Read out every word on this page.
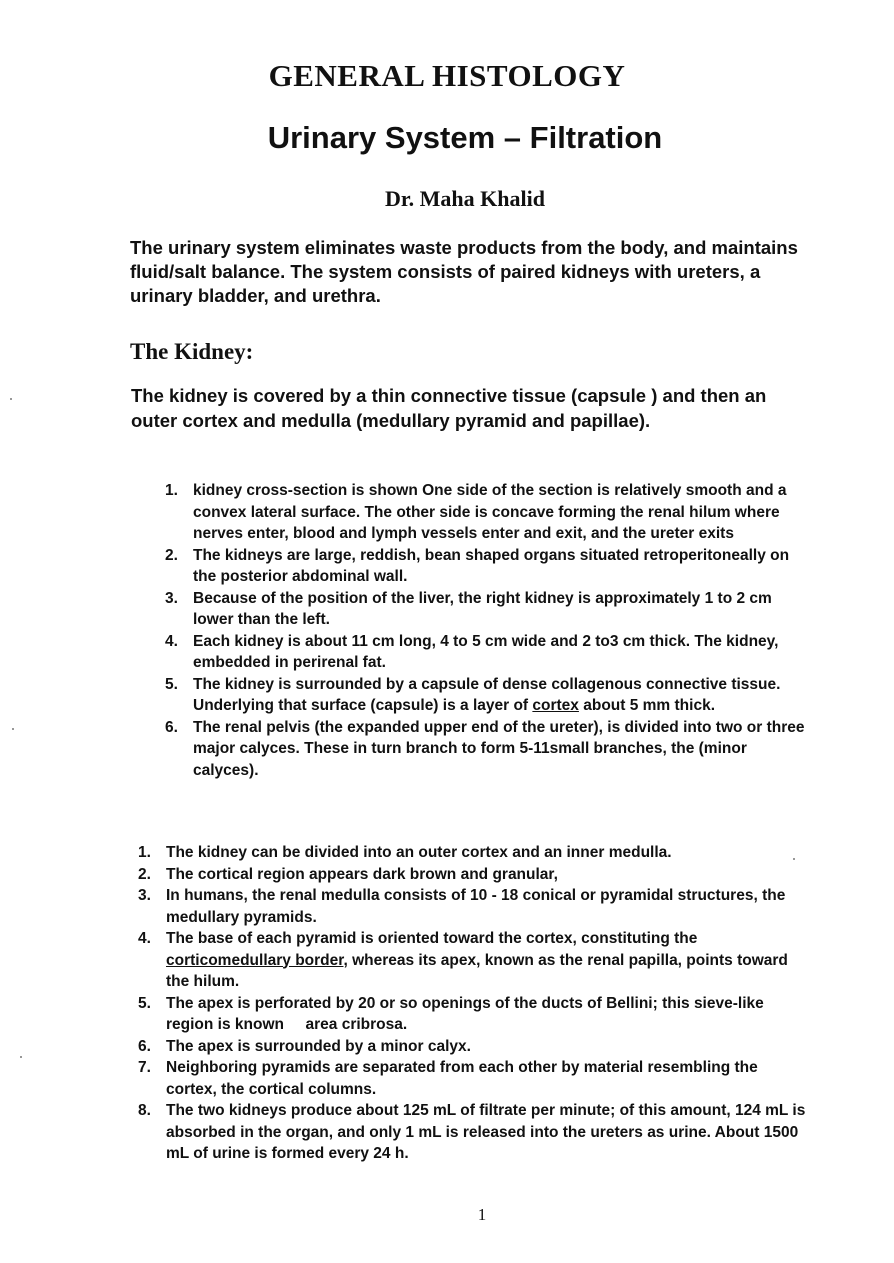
GENERAL HISTOLOGY
Urinary System – Filtration
Dr. Maha Khalid

The urinary system eliminates waste products from the body, and maintains fluid/salt balance. The system consists of paired kidneys with ureters, a urinary bladder, and urethra.

The Kidney:

The kidney is covered by a thin connective tissue (capsule ) and then an outer cortex and medulla (medullary pyramid and papillae).

1. kidney cross-section is shown One side of the section is relatively smooth and a convex lateral surface. The other side is concave forming the renal hilum where nerves enter, blood and lymph vessels enter and exit, and the ureter exits
2. The kidneys are large, reddish, bean shaped organs situated retroperitoneally on the posterior abdominal wall.
3. Because of the position of the liver, the right kidney is approximately 1 to 2 cm lower than the left.
4. Each kidney is about 11 cm long, 4 to 5 cm wide and 2 to3 cm thick. The kidney, embedded in perirenal fat.
5. The kidney is surrounded by a capsule of dense collagenous connective tissue. Underlying that surface (capsule) is a layer of cortex about 5 mm thick.
6. The renal pelvis (the expanded upper end of the ureter), is divided into two or three major calyces. These in turn branch to form 5-11small branches, the (minor calyces).
1. The kidney can be divided into an outer cortex and an inner medulla.
2. The cortical region appears dark brown and granular,
3. In humans, the renal medulla consists of 10 - 18 conical or pyramidal structures, the medullary pyramids.
4. The base of each pyramid is oriented toward the cortex, constituting the corticomedullary border, whereas its apex, known as the renal papilla, points toward the hilum.
5. The apex is perforated by 20 or so openings of the ducts of Bellini; this sieve-like region is known     area cribrosa.
6. The apex is surrounded by a minor calyx.
7. Neighboring pyramids are separated from each other by material resembling the cortex, the cortical columns.
8. The two kidneys produce about 125 mL of filtrate per minute; of this amount, 124 mL is absorbed in the organ, and only 1 mL is released into the ureters as urine. About 1500 mL of urine is formed every 24 h.
1
